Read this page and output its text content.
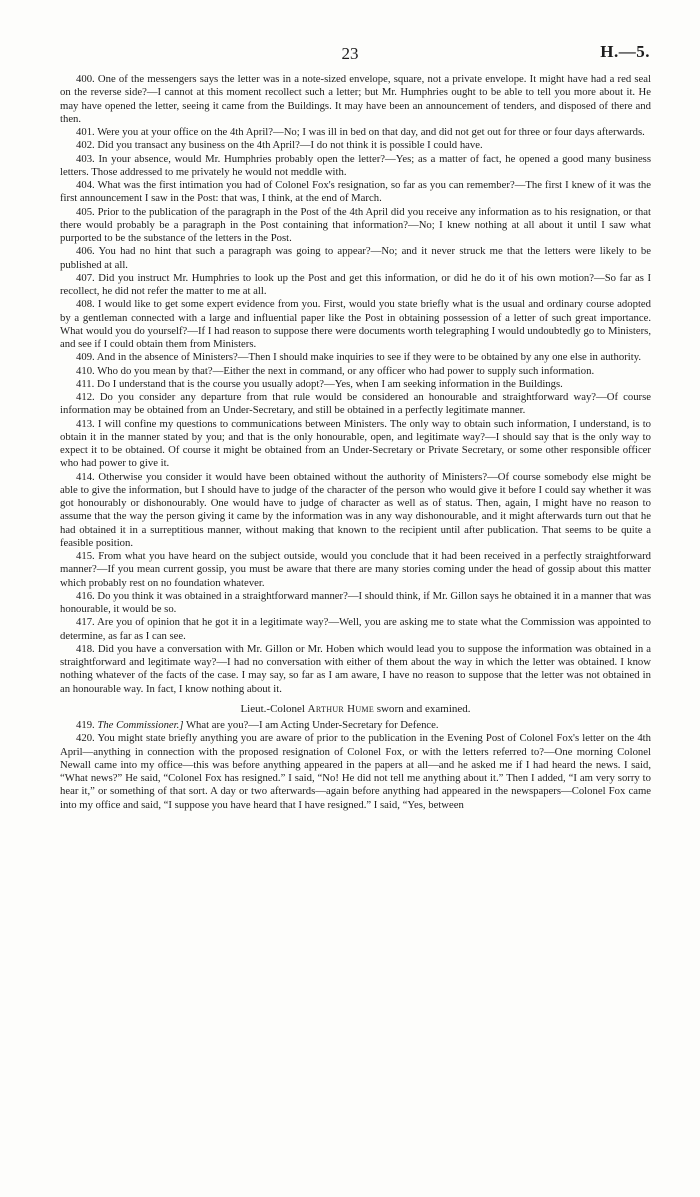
23	H.—5.

400. One of the messengers says the letter was in a note-sized envelope, square, not a private envelope. It might have had a red seal on the reverse side?—I cannot at this moment recollect such a letter; but Mr. Humphries ought to be able to tell you more about it. He may have opened the letter, seeing it came from the Buildings. It may have been an announcement of tenders, and disposed of there and then.

401. Were you at your office on the 4th April?—No; I was ill in bed on that day, and did not get out for three or four days afterwards.

402. Did you transact any business on the 4th April?—I do not think it is possible I could have.

403. In your absence, would Mr. Humphries probably open the letter?—Yes; as a matter of fact, he opened a good many business letters. Those addressed to me privately he would not meddle with.

404. What was the first intimation you had of Colonel Fox's resignation, so far as you can remember?—The first I knew of it was the first announcement I saw in the Post: that was, I think, at the end of March.

405. Prior to the publication of the paragraph in the Post of the 4th April did you receive any information as to his resignation, or that there would probably be a paragraph in the Post containing that information?—No; I knew nothing at all about it until I saw what purported to be the substance of the letters in the Post.

406. You had no hint that such a paragraph was going to appear?—No; and it never struck me that the letters were likely to be published at all.

407. Did you instruct Mr. Humphries to look up the Post and get this information, or did he do it of his own motion?—So far as I recollect, he did not refer the matter to me at all.

408. I would like to get some expert evidence from you. First, would you state briefly what is the usual and ordinary course adopted by a gentleman connected with a large and influential paper like the Post in obtaining possession of a letter of such great importance. What would you do yourself?—If I had reason to suppose there were documents worth telegraphing I would undoubtedly go to Ministers, and see if I could obtain them from Ministers.

409. And in the absence of Ministers?—Then I should make inquiries to see if they were to be obtained by any one else in authority.

410. Who do you mean by that?—Either the next in command, or any officer who had power to supply such information.

411. Do I understand that is the course you usually adopt?—Yes, when I am seeking information in the Buildings.

412. Do you consider any departure from that rule would be considered an honourable and straightforward way?—Of course information may be obtained from an Under-Secretary, and still be obtained in a perfectly legitimate manner.

413. I will confine my questions to communications between Ministers. The only way to obtain such information, I understand, is to obtain it in the manner stated by you; and that is the only honourable, open, and legitimate way?—I should say that is the only way to expect it to be obtained. Of course it might be obtained from an Under-Secretary or Private Secretary, or some other responsible officer who had power to give it.

414. Otherwise you consider it would have been obtained without the authority of Ministers?—Of course somebody else might be able to give the information, but I should have to judge of the character of the person who would give it before I could say whether it was got honourably or dishonourably. One would have to judge of character as well as of status. Then, again, I might have no reason to assume that the way the person giving it came by the information was in any way dishonourable, and it might afterwards turn out that he had obtained it in a surreptitious manner, without making that known to the recipient until after publication. That seems to be quite a feasible position.

415. From what you have heard on the subject outside, would you conclude that it had been received in a perfectly straightforward manner?—If you mean current gossip, you must be aware that there are many stories coming under the head of gossip about this matter which probably rest on no foundation whatever.

416. Do you think it was obtained in a straightforward manner?—I should think, if Mr. Gillon says he obtained it in a manner that was honourable, it would be so.

417. Are you of opinion that he got it in a legitimate way?—Well, you are asking me to state what the Commission was appointed to determine, as far as I can see.

418. Did you have a conversation with Mr. Gillon or Mr. Hoben which would lead you to suppose the information was obtained in a straightforward and legitimate way?—I had no conversation with either of them about the way in which the letter was obtained. I know nothing whatever of the facts of the case. I may say, so far as I am aware, I have no reason to suppose that the letter was not obtained in an honourable way. In fact, I know nothing about it.

Lieut.-Colonel Arthur Hume sworn and examined.

419. The Commissioner.] What are you?—I am Acting Under-Secretary for Defence.

420. You might state briefly anything you are aware of prior to the publication in the Evening Post of Colonel Fox's letter on the 4th April—anything in connection with the proposed resignation of Colonel Fox, or with the letters referred to?—One morning Colonel Newall came into my office—this was before anything appeared in the papers at all—and he asked me if I had heard the news. I said, “What news?” He said, “Colonel Fox has resigned.” I said, “No! He did not tell me anything about it.” Then I added, “I am very sorry to hear it,” or something of that sort. A day or two afterwards—again before anything had appeared in the newspapers—Colonel Fox came into my office and said, “I suppose you have heard that I have resigned.” I said, “Yes, between
